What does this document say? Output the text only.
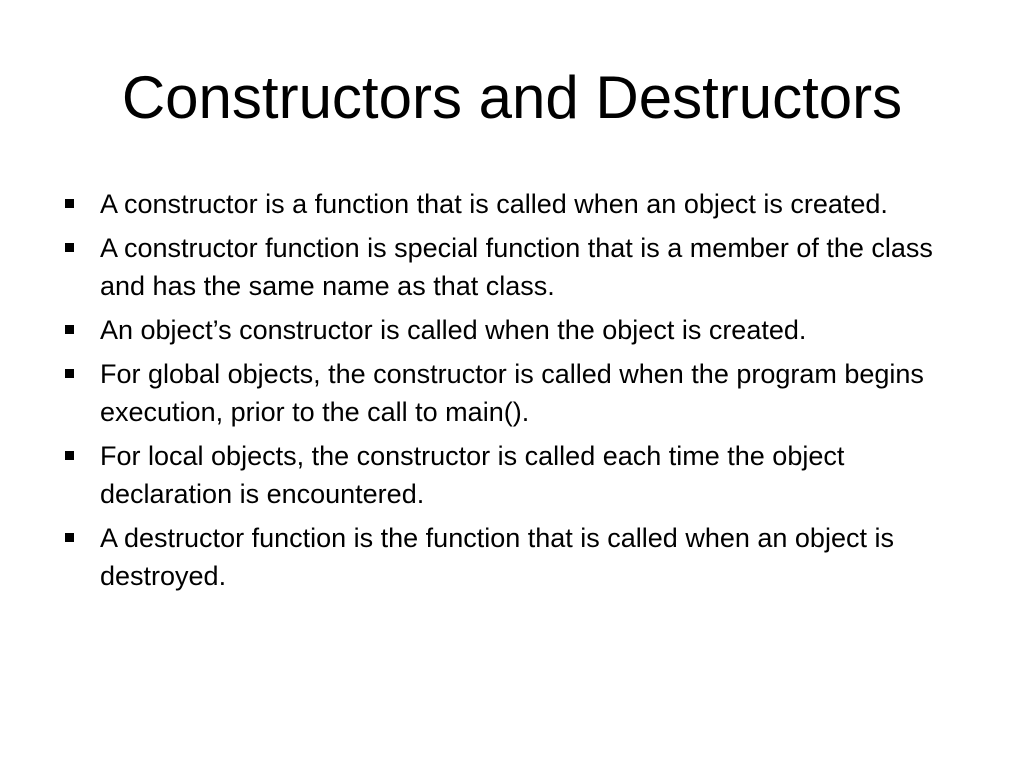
Constructors and Destructors
A constructor is a function that is called when an object is created.
A constructor function is special function that is a member of the class and has the same name as that class.
An object’s constructor is called when the object is created.
For global objects, the constructor is called when the program begins execution, prior to the call to main().
For local objects, the constructor is called each time the object declaration is encountered.
A destructor function is the function that is called when an object is destroyed.
